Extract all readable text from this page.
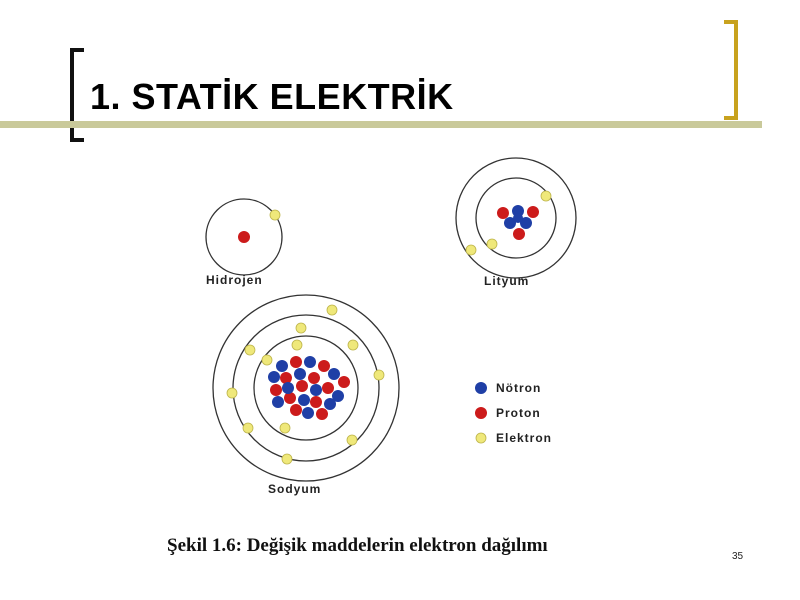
1. STATİK ELEKTRİK
Hidrojen	Lityum
Sodyum
Nötron
Proton
Elektron
Şekil 1.6: Değişik maddelerin elektron dağılımı
35
